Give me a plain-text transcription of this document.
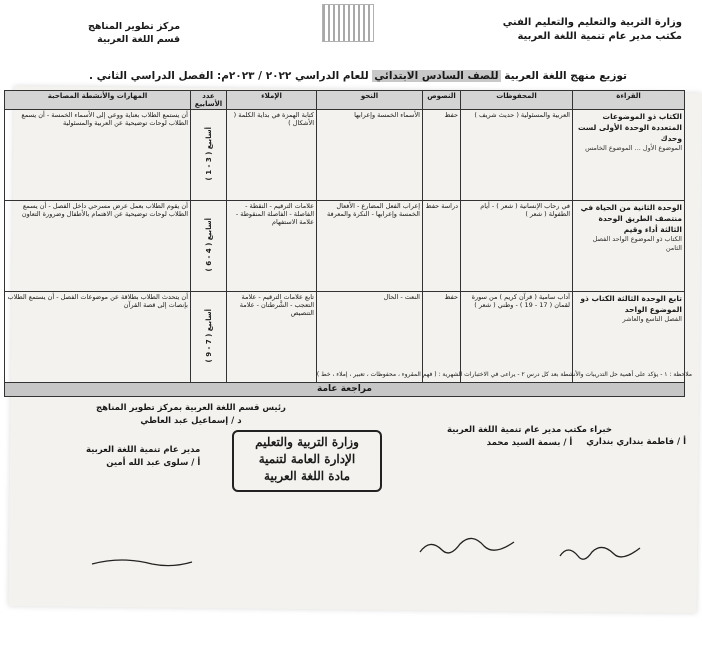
وزارة التربية والتعليم والتعليم الفني
مكتب مدير عام تنمية اللغة العربية
مركز تطوير المناهج
قسم اللغة العربية
توزيع منهج اللغة العربية للصف السادس الابتدائي للعام الدراسي ٢٠٢٢ / ٢٠٢٣م: الفصل الدراسي الثاني .
القراءة	المحفوظات	النصوص	النحو	الإملاء	عدد الأسابيع	المهارات والأنشطة المصاحبة

الكتاب ذو الموضوعات المتعددة الوحدة الأولى لست وحدك
الموضوع الأول ... الموضوع الخامس	العربية والمسئولية ( حديث شريف )	حفظ	الأسماء الخمسة وإعرابها	كتابة الهمزة في بداية الكلمة ( الأشكال )	أسابيع ( 3 - 1 )	أن يستمع الطلاب بعناية ووعي إلى الأسماء الخمسة - أن يسمع الطلاب لوحات توضيحية عن العربية والمسئولية

الوحدة الثانية من الحياة في منتصف الطريق الوحدة الثالثة أداء وقيم
الكتاب ذو الموضوع الواحد الفصل الثامن	في رحاب الإنسانية ( شعر ) - أيام الطفولة ( شعر )	دراسة حفظ	إعراب الفعل المضارع - الأفعال الخمسة وإعرابها - النكرة والمعرفة	علامات الترقيم - النقطة - الفاصلة - الفاصلة المنقوطة - علامة الاستفهام	أسابيع ( 4 - 6 )	أن يقوم الطلاب بعمل عرض مسرحي داخل الفصل - أن يسمع الطلاب لوحات توضيحية عن الاهتمام بالأطفال وضرورة التعاون

تابع الوحدة الثالثة الكتاب ذو الموضوع الواحد
الفصل التاسع والعاشر	آداب سامية ( قرآن كريم ) من سورة لقمان ( 17 - 19 ) - وطني ( شعر )	حفظ	النعت - الحال	تابع علامات الترقيم - علامة التعجب - الشَّرطتان - علامة التنصيص	أسابيع ( 7 - 9 )	أن يتحدث الطلاب بطلاقة عن موضوعات الفصل - أن يستمع الطلاب بإنصات إلى قصة القرآن
مراجعة عامة						
ملاحظة : ١ - يؤكد على أهمية حل التدريبات والأنشطة بعد كل درس ٢ - يراعى في الاختبارات الشهرية : ( فهم المقروء ، محفوظات ، تعبير ، إملاء ، خط )
رئيس قسم اللغة العربية بمركز تطوير المناهج
د / إسماعيل عبد العاطي
خبراء مكتب مدير عام تنمية اللغة العربية
أ / بسمة السيد محمد	أ / فاطمة بنداري بنداري
مدير عام تنمية اللغة العربية
أ / سلوى عبد الله أمين
وزارة التربية والتعليم
الإدارة العامة لتنمية
مادة اللغة العربية
